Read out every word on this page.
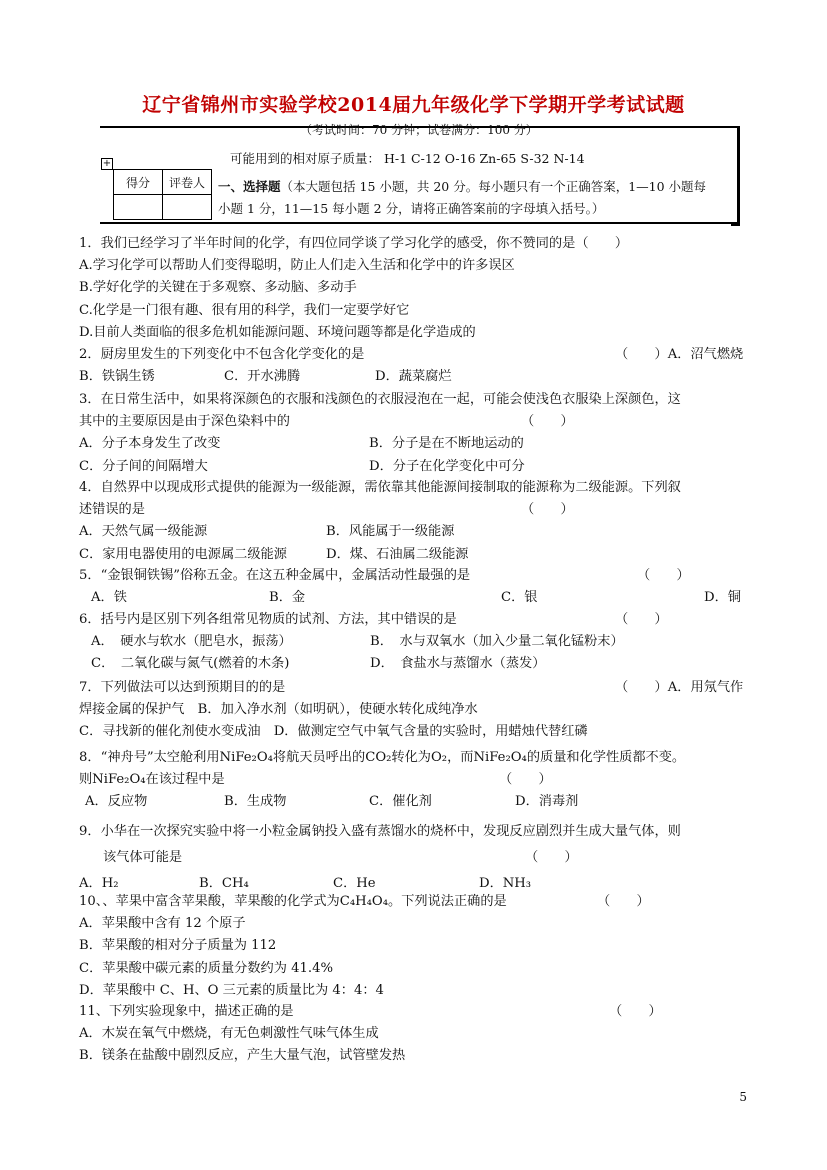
辽宁省锦州市实验学校2014届九年级化学下学期开学考试试题
（考试时间：70 分钟；试卷满分：100 分）
可能用到的相对原子质量： H-1 C-12 O-16 Zn-65 S-32 N-14
+
得分	评卷人
	一、选择题（本大题包括 15 小题，共 20 分。每小题只有一个正确答案，1—10 小题每
小题 1 分，11—15 每小题 2 分，请将正确答案前的字母填入括号。）
1．我们已经学习了半年时间的化学，有四位同学谈了学习化学的感受，你不赞同的是（　　）
A.学习化学可以帮助人们变得聪明，防止人们走入生活和化学中的许多误区
B.学好化学的关键在于多观察、多动脑、多动手
C.化学是一门很有趣、很有用的科学，我们一定要学好它
D.目前人类面临的很多危机如能源问题、环境问题等都是化学造成的
2．厨房里发生的下列变化中不包含化学变化的是	（　　）A．沼气燃烧
B．铁锅生锈	C．开水沸腾	D．蔬菜腐烂
3．在日常生活中，如果将深颜色的衣服和浅颜色的衣服浸泡在一起，可能会使浅色衣服染上深颜色，这
其中的主要原因是由于深色染料中的	（　　）
A．分子本身发生了改变	B．分子是在不断地运动的
C．分子间的间隔增大	D．分子在化学变化中可分
4．自然界中以现成形式提供的能源为一级能源，需依靠其他能源间接制取的能源称为二级能源。下列叙
述错误的是	（　　）
A．天然气属一级能源	B．风能属于一级能源
C．家用电器使用的电源属二级能源	D．煤、石油属二级能源
5．“金银铜铁锡”俗称五金。在这五种金属中，金属活动性最强的是	（　　）
A．铁	B．金	C．银	D．铜
6．括号内是区别下列各组常见物质的试剂、方法，其中错误的是	（　　）
A．　硬水与软水（肥皂水，振荡）	B．　水与双氧水（加入少量二氧化锰粉末）
C．　二氧化碳与氮气(燃着的木条)	D．　食盐水与蒸馏水（蒸发）
7．下列做法可以达到预期目的的是	（　　）A．用氖气作
焊接金属的保护气　B．加入净水剂（如明矾），使硬水转化成纯净水
C．寻找新的催化剂使水变成油　D．做测定空气中氧气含量的实验时，用蜡烛代替红磷
8．“神舟号”太空舱利用NiFe₂O₄将航天员呼出的CO₂转化为O₂，而NiFe₂O₄的质量和化学性质都不变。
则NiFe₂O₄在该过程中是	（　　）
A．反应物	B．生成物	C．催化剂	D．消毒剂
9．小华在一次探究实验中将一小粒金属钠投入盛有蒸馏水的烧杯中，发现反应剧烈并生成大量气体，则
该气体可能是	（　　）
A．H₂	B．CH₄	C．He	D．NH₃
10、、苹果中富含苹果酸，苹果酸的化学式为C₄H₄O₄。下列说法正确的是	（　　）
A．苹果酸中含有 12 个原子
B．苹果酸的相对分子质量为 112
C．苹果酸中碳元素的质量分数约为 41.4%
D．苹果酸中 C、H、O 三元素的质量比为 4：4：4
11、下列实验现象中，描述正确的是	（　　）
A．木炭在氧气中燃烧，有无色刺激性气味气体生成
B．镁条在盐酸中剧烈反应，产生大量气泡，试管壁发热
5
